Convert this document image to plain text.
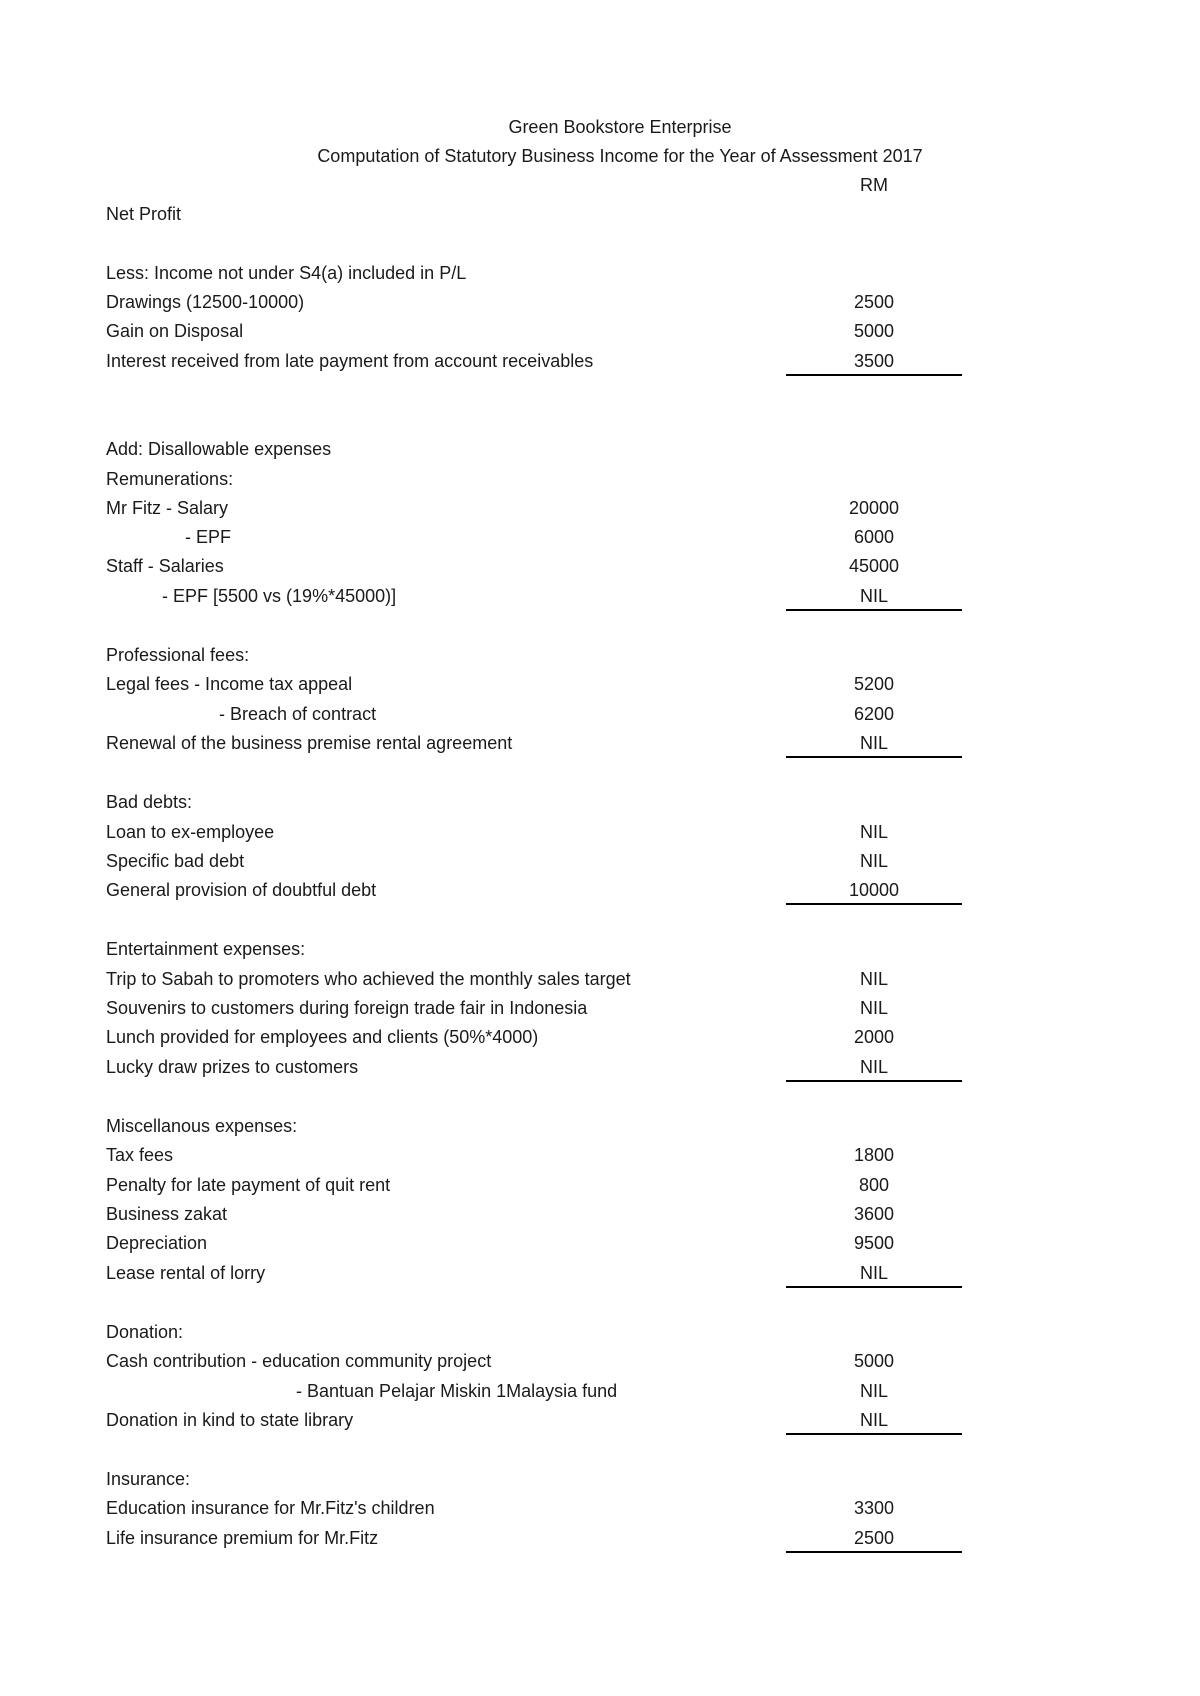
Green Bookstore Enterprise
Computation of Statutory Business Income for the Year of Assessment 2017
RM
Net Profit
Less: Income not under S4(a) included in P/L
Drawings (12500-10000)	2500
Gain on Disposal	5000
Interest received from late payment from account receivables	3500
Add: Disallowable expenses
Remunerations:
Mr Fitz - Salary	20000
- EPF	6000
Staff - Salaries	45000
- EPF [5500 vs (19%*45000)]	NIL
Professional fees:
Legal fees - Income tax appeal	5200
- Breach of contract	6200
Renewal of the business premise rental agreement	NIL
Bad debts:
Loan to ex-employee	NIL
Specific bad debt	NIL
General provision of doubtful debt	10000
Entertainment expenses:
Trip to Sabah to promoters who achieved the monthly sales target	NIL
Souvenirs to customers during foreign trade fair in Indonesia	NIL
Lunch provided for employees and clients (50%*4000)	2000
Lucky draw prizes to customers	NIL
Miscellanous expenses:
Tax fees	1800
Penalty for late payment of quit rent	800
Business zakat	3600
Depreciation	9500
Lease rental of lorry	NIL
Donation:
Cash contribution - education community project	5000
- Bantuan Pelajar Miskin 1Malaysia fund	NIL
Donation in kind to state library	NIL
Insurance:
Education insurance for Mr.Fitz's children	3300
Life insurance premium for Mr.Fitz	2500
